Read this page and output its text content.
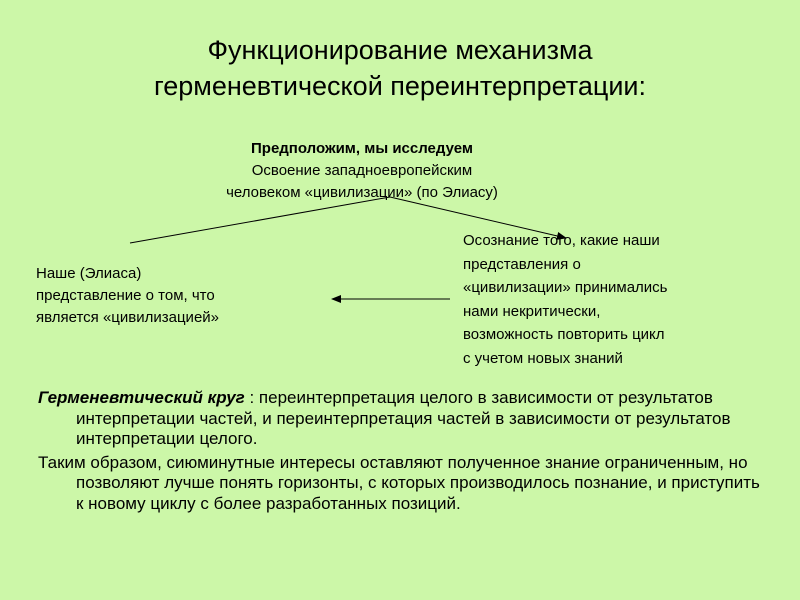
Функционирование механизма
герменевтической переинтерпретации:
Предположим, мы исследуем
Освоение западноевропейским
человеком «цивилизации» (по Элиасу)
Наше (Элиаса)
представление о том, что
является «цивилизацией»
Осознание того, какие наши
представления о
«цивилизации» принимались
нами некритически,
возможность повторить цикл
с учетом новых знаний
Герменевтический круг : переинтерпретация целого в зависимости от результатов интерпретации частей, и переинтерпретация частей в зависимости от результатов интерпретации целого.
Таким образом, сиюминутные интересы оставляют полученное знание ограниченным, но позволяют лучше понять горизонты, с которых производилось познание, и приступить к новому циклу с более разработанных позиций.
